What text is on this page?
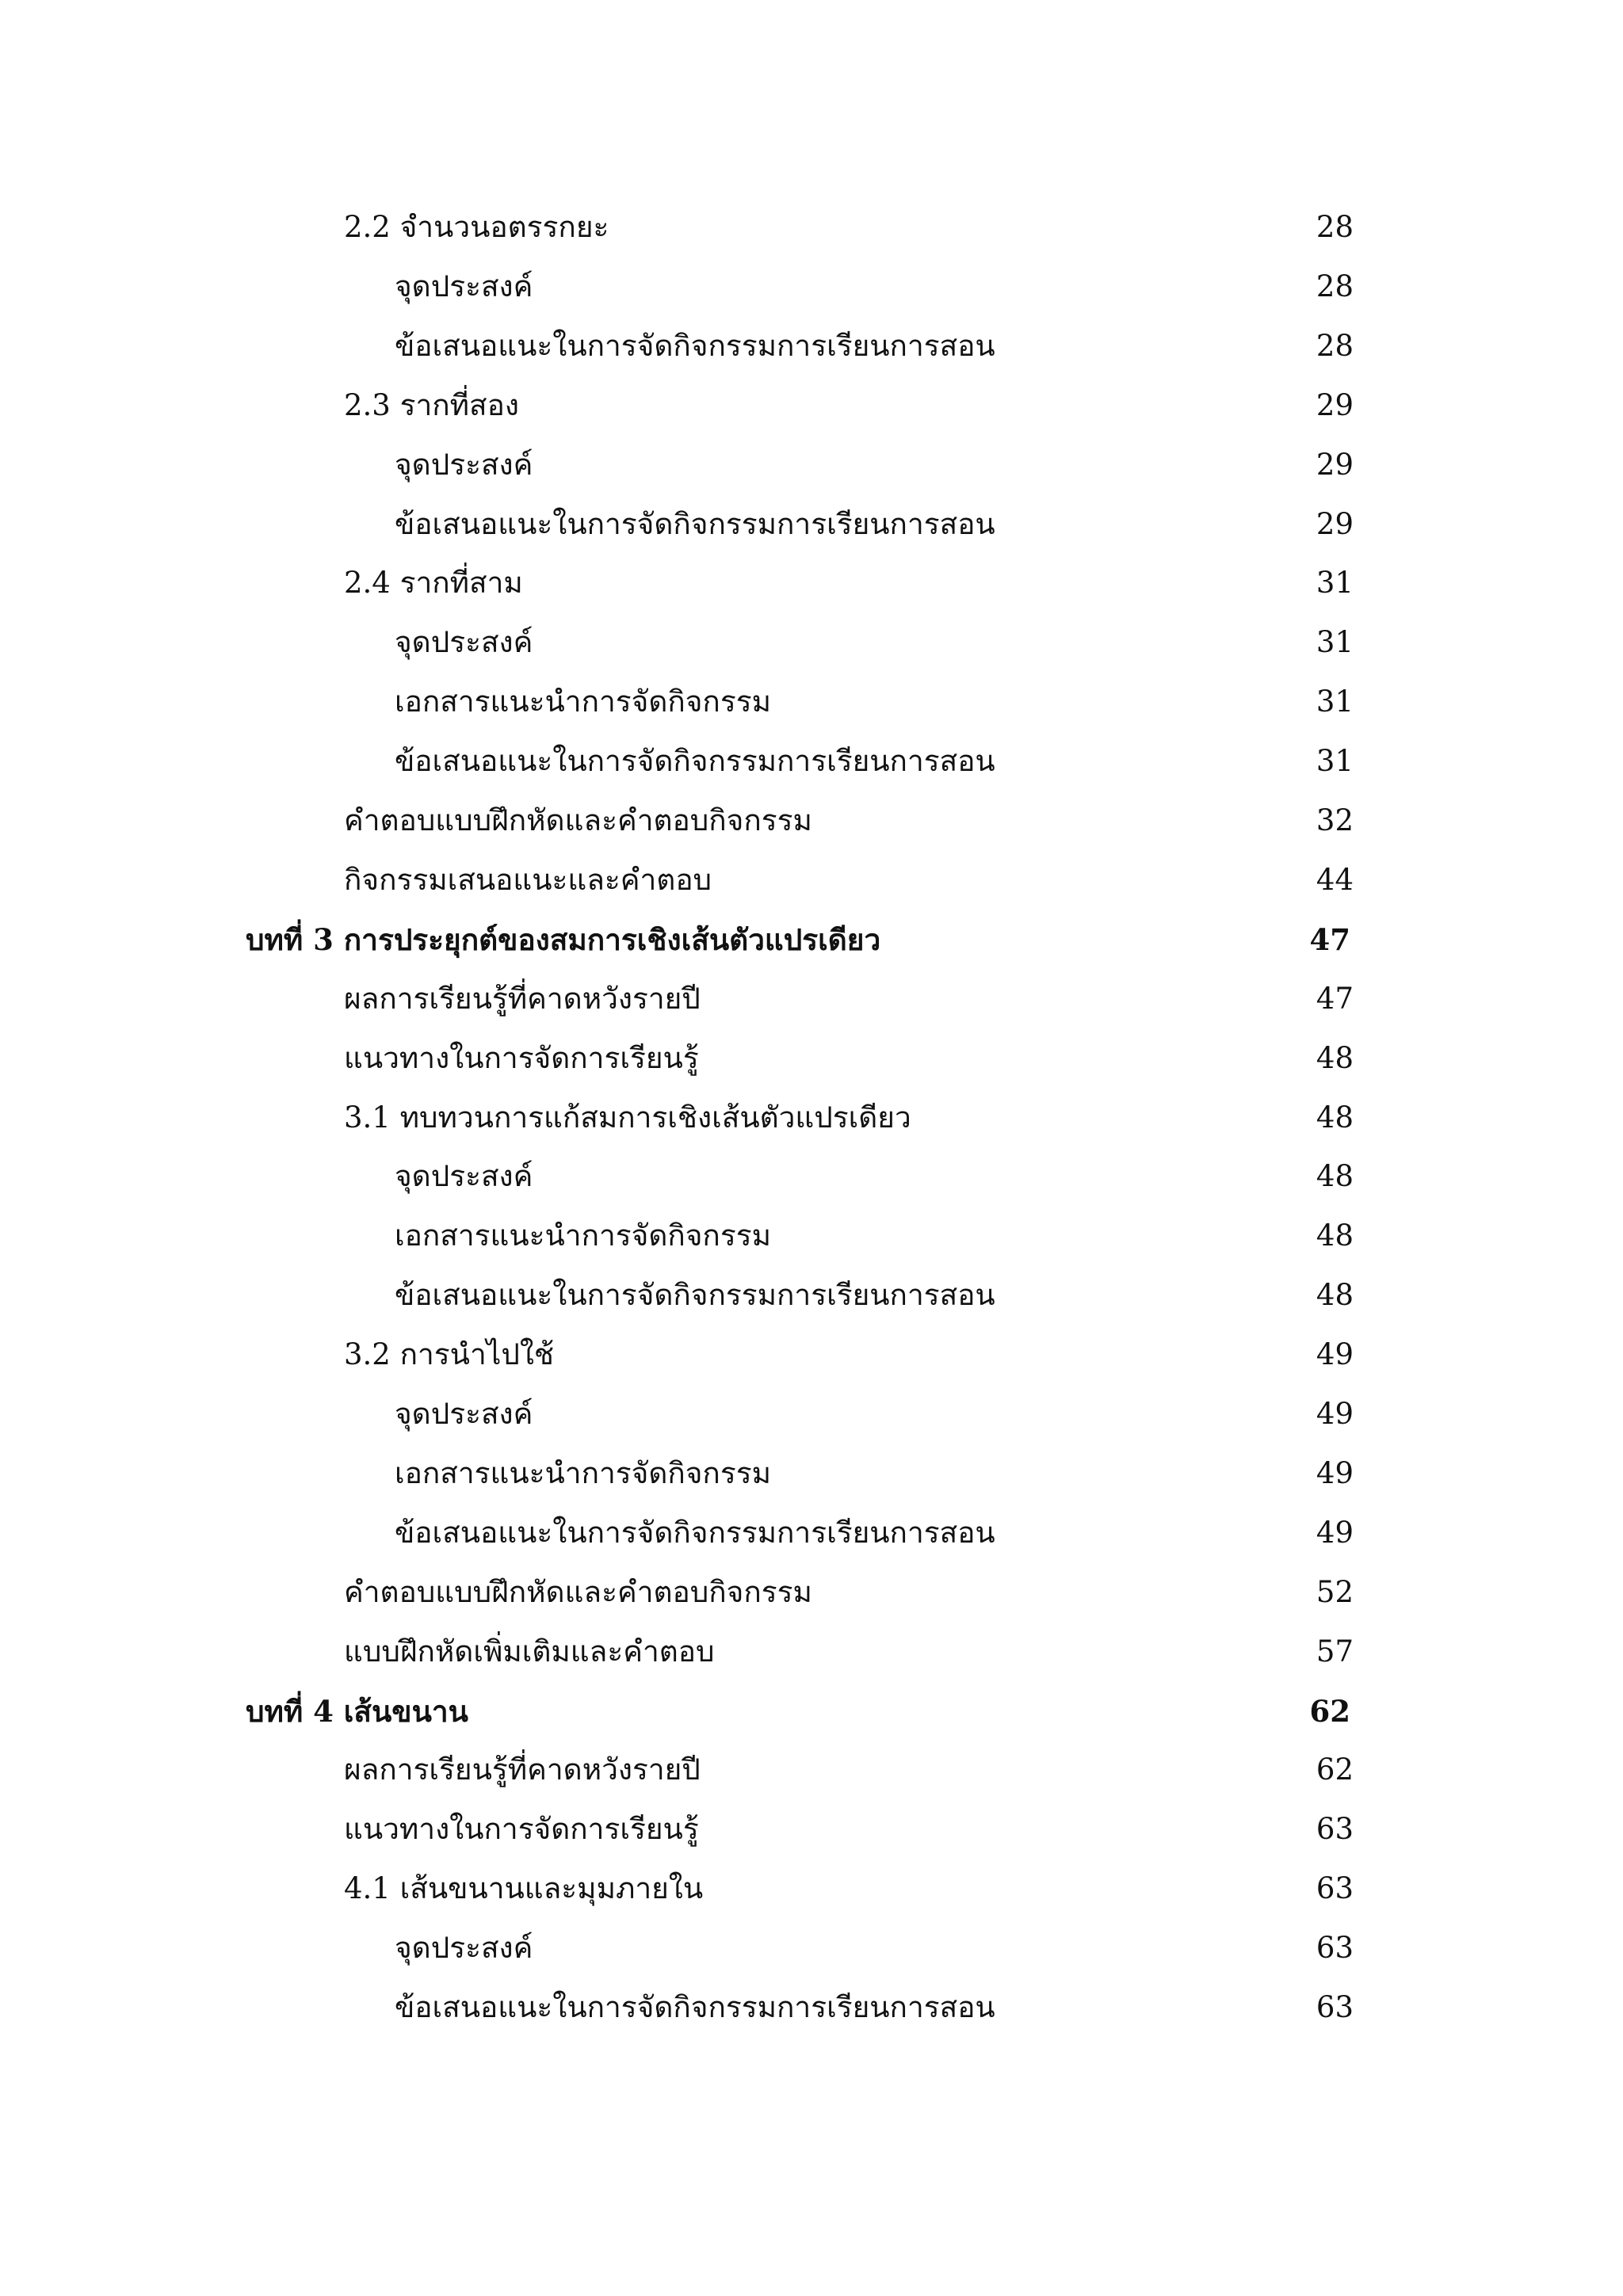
2.2 จำนวนอตรรกยะ	28
จุดประสงค์	28
ข้อเสนอแนะในการจัดกิจกรรมการเรียนการสอน	28
2.3 รากที่สอง	29
จุดประสงค์	29
ข้อเสนอแนะในการจัดกิจกรรมการเรียนการสอน	29
2.4 รากที่สาม	31
จุดประสงค์	31
เอกสารแนะนำการจัดกิจกรรม	31
ข้อเสนอแนะในการจัดกิจกรรมการเรียนการสอน	31
คำตอบแบบฝึกหัดและคำตอบกิจกรรม	32
กิจกรรมเสนอแนะและคำตอบ	44
บทที่ 3 การประยุกต์ของสมการเชิงเส้นตัวแปรเดียว	47
ผลการเรียนรู้ที่คาดหวังรายปี	47
แนวทางในการจัดการเรียนรู้	48
3.1 ทบทวนการแก้สมการเชิงเส้นตัวแปรเดียว	48
จุดประสงค์	48
เอกสารแนะนำการจัดกิจกรรม	48
ข้อเสนอแนะในการจัดกิจกรรมการเรียนการสอน	48
3.2 การนำไปใช้	49
จุดประสงค์	49
เอกสารแนะนำการจัดกิจกรรม	49
ข้อเสนอแนะในการจัดกิจกรรมการเรียนการสอน	49
คำตอบแบบฝึกหัดและคำตอบกิจกรรม	52
แบบฝึกหัดเพิ่มเติมและคำตอบ	57
บทที่ 4 เส้นขนาน	62
ผลการเรียนรู้ที่คาดหวังรายปี	62
แนวทางในการจัดการเรียนรู้	63
4.1 เส้นขนานและมุมภายใน	63
จุดประสงค์	63
ข้อเสนอแนะในการจัดกิจกรรมการเรียนการสอน	63
